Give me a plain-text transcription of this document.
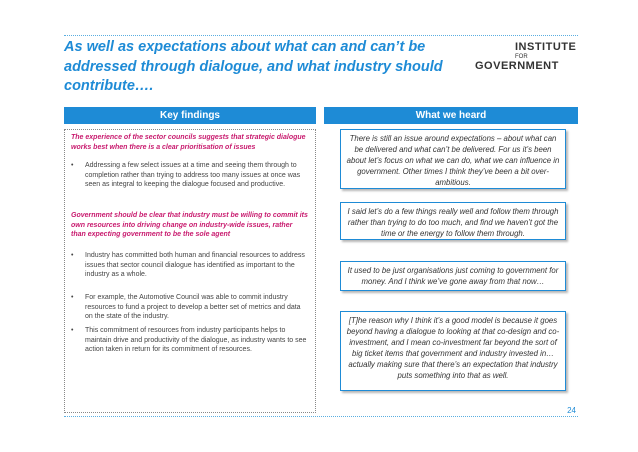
As well as expectations about what can and can’t be addressed through dialogue, and what industry should contribute….
INSTITUTE
FOR
GOVERNMENT
Key findings	What we heard
The experience of the sector councils suggests that strategic dialogue works best when there is a clear prioritisation of issues
•	Addressing a few select issues at a time and seeing them through to completion rather than trying to address too many issues at once was seen as integral to keeping the dialogue focused and productive.
Government should be clear that industry must be willing to commit its own resources into driving change on industry-wide issues, rather than expecting government to be the sole agent
•	Industry has committed both human and financial resources to address issues that sector council dialogue has identified as important to the industry as a whole.
•	For example, the Automotive Council was able to commit industry resources to fund a project to develop a better set of metrics and data on the state of the industry.
•	This commitment of resources from industry participants helps to maintain drive and productivity of the dialogue, as industry wants to see action taken in return for its commitment of resources.
There is still an issue around expectations – about what can be delivered and what can’t be delivered. For us it’s been about let’s focus on what we can do, what we can influence in government. Other times I think they’ve been a bit over-ambitious.
I said let’s do a few things really well and follow them through rather than trying to do too much, and find we haven’t got the time or the energy to follow them through.
It used to be just organisations just coming to government for money. And I think we’ve gone away from that now…
[T]he reason why I think it’s a good model is because it goes beyond having a dialogue to looking at that co-design and co-investment, and I mean co-investment far beyond the sort of big ticket items that government and industry invested in… actually making sure that there’s an expectation that industry puts something into that as well.
24
